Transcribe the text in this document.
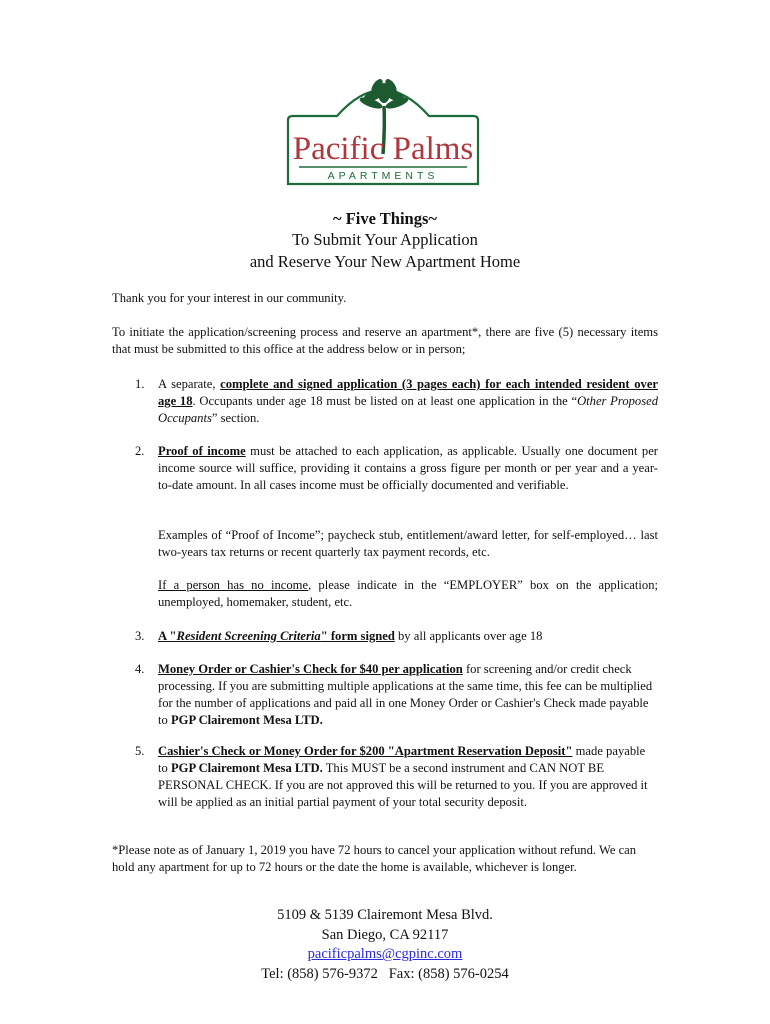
Pacific Palms
APARTMENTS
~ Five Things~
To Submit Your Application
and Reserve Your New Apartment Home
Thank you for your interest in our community.
To initiate the application/screening process and reserve an apartment*, there are five (5) necessary items that must be submitted to this office at the address below or in person;
1.	A separate, complete and signed application (3 pages each) for each intended resident over age 18. Occupants under age 18 must be listed on at least one application in the “Other Proposed Occupants” section.
2.	Proof of income must be attached to each application, as applicable. Usually one document per income source will suffice, providing it contains a gross figure per month or per year and a year-to-date amount. In all cases income must be officially documented and verifiable.
Examples of “Proof of Income”; paycheck stub, entitlement/award letter, for self-employed… last two-years tax returns or recent quarterly tax payment records, etc.
If a person has no income, please indicate in the “EMPLOYER” box on the application; unemployed, homemaker, student, etc.
3.	A "Resident Screening Criteria" form signed by all applicants over age 18
4.	Money Order or Cashier's Check for $40 per application for screening and/or credit check processing. If you are submitting multiple applications at the same time, this fee can be multiplied for the number of applications and paid all in one Money Order or Cashier's Check made payable to PGP Clairemont Mesa LTD.
5.	Cashier's Check or Money Order for $200 "Apartment Reservation Deposit" made payable to PGP Clairemont Mesa LTD. This MUST be a second instrument and CAN NOT BE PERSONAL CHECK. If you are not approved this will be returned to you. If you are approved it will be applied as an initial partial payment of your total security deposit.
*Please note as of January 1, 2019 you have 72 hours to cancel your application without refund. We can hold any apartment for up to 72 hours or the date the home is available, whichever is longer.
5109 & 5139 Clairemont Mesa Blvd.
San Diego, CA 92117
pacificpalms@cgpinc.com
Tel: (858) 576-9372   Fax: (858) 576-0254
